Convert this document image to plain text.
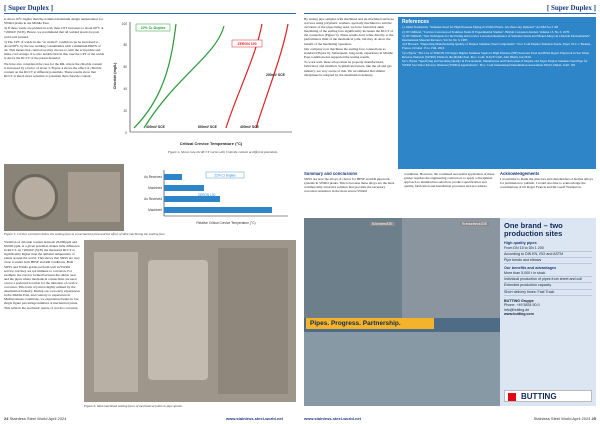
[ Super Duplex ]	[ Super Duplex ]

is about 10°C higher than the nominal maximum design temperatures for SWRO plants in the Middle East.

4) If these welds are pickled in acid, their CPT increases to about 60°C at +200mV (SCE). Hence, we recommend that all welded spools be post weld acid pickled.

5) The CPT of welds in the "as welded" condition can be increased to about 68°C by the use welding consumables with a minimum PREN of 42. This means that contractors may choose to omit the acid pickle and make cost savings. It is also notable that in this case the CPT of the welds is above the RCCT of the parent material.

We have also considered the case for the RR, where the chloride content is increased by a factor of about 3. Figure 4 shows the effect of chloride content on the RCCT at different potentials. These results show that RCCT is much more sensitive to potential than chloride content.

0
20
40
60
80
100
Chloride (mg/L)
Critical Crevice Temperature (°C)
22% Cr-Duplex
ZERON 100
400mV SCE	600mV SCE	400mV SCE
200mV SCE
Figure 4. Shows how the RCCT varies with Chloride content at different potentials.
As Received
Machined
As Received
Machined
22% Cr Duplex
ZERON 100
Relative Critical Crevice Temperature (°C)
Figure 5. Crevice corrosion below the sealing face at a mechanical joint and the effect of skim machining the sealing face.

Variation of chloride content between 20,000ppm and 60,000 ppm, at a given potential, makes little difference in RCCT. At +200mV (SCE) the measured RCCT is significantly higher than the ambient temperature of plants around the world. This shows that SDSS are very close to under both HPSF and RR conditions. Both SDSS and 6%Mo grades perform well in SWRO service, but they are not immune to corrosion. For example, the crevice formed between the rubber seal and the pipes where mechanical connections are used can be a preferred location for the initiation of crevice corrosion. This form of joint is highly utilised by the desalination industry. During our own early experiences in the Middle East, and contrary to experience in Mediterranean conditions, we experienced leaks in low single figure percentage numbers at mechanical joints. This reflects the stochastic nature of crevice corrosion.

Figure 6. Skim machined sealing faces of mechanical joints in pipe spools.

By testing pipe samples with machined and un-machined surfaces, crevices using polymeric washers, specially machined to suit the curvature of the pipes being used, we have found that skim machining of the sealing face significantly increases the RCCT of the connection (Figure 5). These results don't relate directly to the performance limit of the mechanical joint, but they do show the benefit of the machining operation.

Our company now machines the sealing face connections as standard (Figure 6). Subsequent, long-term, experience in Middle East conditions has supported the testing results.

To work well, these alloys must be properly manufactured, fabricated, and installed. Sophisticated users, like the oil and gas industry, are very aware of this. We recommend that similar disciplines be adopted by the desalination industry.

References
1) Johan Nordström, "Stainless Steel for High Pressure Piping in SWRO Plants. Are there any Options?" ACOM No.3 -98
2) JW Oldfield, "Crevice Corrosion of Stainless Steels II Experimental Studies". British Corrosion Journal. Volume 13, No 3, 1978.
3) JW Oldfield, "Test Techniques for the Pitting and Crevice Corrosion Resistance of Stainless Steels and Nickel Alloys in Chloride Environments". International Material Reviews. Vol 32, No 3, 1987.
4) P Howard, "Improving Manufacturing Quality of Duplex Stainless Steel Components". Proc Conf Duplex Stainless Steels, Paper 18-C-1 Beaune, France, October 13 to 15th, 2010.
5) G Byrne "The Use of ZERON 100 Super Duplex Stainless Steels in High Pressure (HP) Seawater Feed and Brine Reject Pipework in Sea Water Reverse Osmosis (SWRO) Plants in the Middle East. Proc. Conf. NACE UAE, Abu Dhabi, Jan 2019.
6) G. Byrne "Specifying and Securing Quality in Procurement, Manufacture and Fabrication of Duplex and Super Duplex Stainless Steel Pipe for SWRO Sea Water Reverse Osmosis (SWRO) Applications". Proc. Conf International Desalination Association World, Dubai, UAE. 201
Summary and conclusions

SDSS are now the alloys of choice for HPSF and RR pipework systems in SWRO plants. This is because these alloys are the most commercially attractive solution that provides the necessary corrosion resistance in the most severe SWRO

conditions. However, the continued successful application of these grades requires the engineering contractors to apply a disciplined approach to manufacture selection, product specification and quality, fabrication and installation processes and procedures.

Acknowledgements

I would like to thank the directors and shareholders of Rolled Alloys for permission to publish. I would also like to acknowledge the contributions of Dr Roger Francis and Mr Geoff Warburton.

Könnern/DE	Kreisebeck/DE
Pipes. Progress. Partnership.
One brand – two production sites
High quality pipes
From DN 15 to DN 1 200
According to DIN EN, ISO and ASTM
Pipe bends and elbows
Our benefits and advantages
More than 5,000 t in stock
Individual production of pipes from sheet and coil
Extended production capacity
Short delivery times: Fast Track
BUTTING Gruppe
Phone: +49 5834 50-0
info@butting.de
www.butting.com
BUTTING
24 Stainless Steel World April 2024	www.stainless-steel-world.net	www.stainless-steel-world.net	Stainless Steel World April 2024 25
